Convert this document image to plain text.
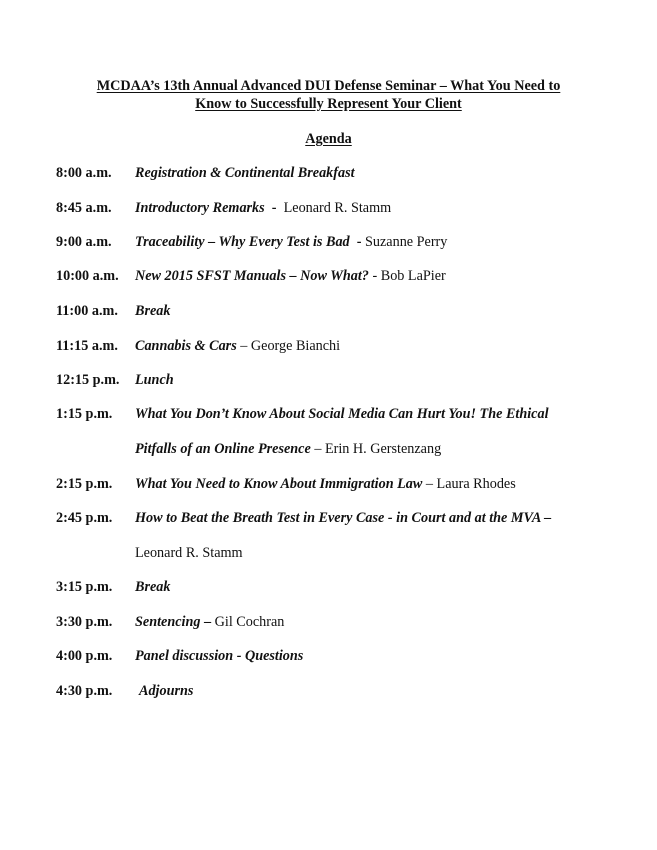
MCDAA’s 13th Annual Advanced DUI Defense Seminar – What You Need to
Know to Successfully Represent Your Client
Agenda
8:00 a.m. Registration & Continental Breakfast
8:45 a.m. Introductory Remarks  -  Leonard R. Stamm
9:00 a.m. Traceability – Why Every Test is Bad  - Suzanne Perry
10:00 a.m. New 2015 SFST Manuals – Now What? - Bob LaPier
11:00 a.m. Break
11:15 a.m. Cannabis & Cars – George Bianchi
12:15 p.m. Lunch
1:15 p.m. What You Don’t Know About Social Media Can Hurt You! The Ethical
Pitfalls of an Online Presence – Erin H. Gerstenzang
2:15 p.m. What You Need to Know About Immigration Law – Laura Rhodes
2:45 p.m. How to Beat the Breath Test in Every Case - in Court and at the MVA –
Leonard R. Stamm
3:15 p.m. Break
3:30 p.m. Sentencing – Gil Cochran
4:00 p.m. Panel discussion - Questions
4:30 p.m. Adjourns
